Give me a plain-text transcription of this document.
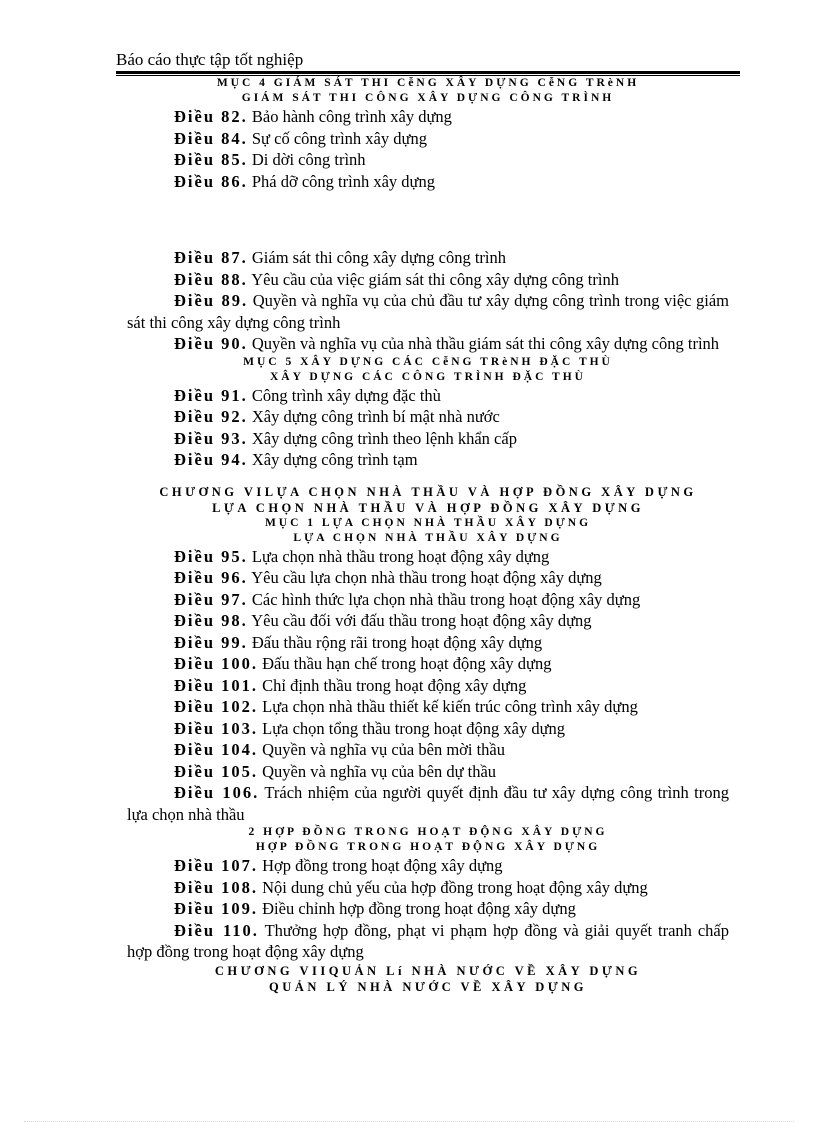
Báo cáo thực tập tốt nghiệp
MỤC 4 GIÁM SÁT THI CễNG XÂY DỰNG CễNG TRèNH
GIÁM SÁT THI CÔNG XÂY DỰNG CÔNG TRÌNH
Điều 82. Bảo hành công trình xây dựng
Điều 84. Sự cố công trình xây dựng
Điều 85. Di dời công trình
Điều 86. Phá dỡ công trình xây dựng
Điều 87. Giám sát thi công xây dựng công trình
Điều 88. Yêu cầu của việc giám sát thi công xây dựng công trình
Điều 89. Quyền và nghĩa vụ của chủ đầu tư xây dựng công trình trong việc giám sát thi công xây dựng công trình
Điều 90. Quyền và nghĩa vụ của nhà thầu giám sát thi công xây dựng công trình
MỤC 5 XÂY DỰNG CÁC CễNG TRèNH ĐẶC THÙ
XÂY DỰNG CÁC CÔNG TRÌNH ĐẶC THÙ
Điều 91. Công trình xây dựng đặc thù
Điều 92. Xây dựng công trình bí mật nhà nước
Điều 93. Xây dựng công trình theo lệnh khẩn cấp
Điều 94. Xây dựng công trình tạm
CHƯƠNG VILỰA CHỌN NHÀ THẦU VÀ HỢP ĐỒNG XÂY DỰNG
LỰA CHỌN NHÀ THẦU VÀ HỢP ĐỒNG XÂY DỰNG
MỤC 1 LỰA CHỌN NHÀ THẦU XÂY DỰNG
LỰA CHỌN NHÀ THẦU XÂY DỰNG
Điều 95. Lựa chọn nhà thầu trong hoạt động xây dựng
Điều 96. Yêu cầu lựa chọn nhà thầu trong hoạt động xây dựng
Điều 97. Các hình thức lựa chọn nhà thầu trong hoạt động xây dựng
Điều 98. Yêu cầu đối với đấu thầu trong hoạt động xây dựng
Điều 99. Đấu thầu rộng rãi trong hoạt động xây dựng
Điều 100. Đấu thầu hạn chế trong hoạt động xây dựng
Điều 101. Chỉ định thầu trong hoạt động xây dựng
Điều 102. Lựa chọn nhà thầu thiết kế kiến trúc công trình xây dựng
Điều 103. Lựa chọn tổng thầu trong hoạt động xây dựng
Điều 104. Quyền và nghĩa vụ của bên mời thầu
Điều 105. Quyền và nghĩa vụ của bên dự thầu
Điều 106. Trách nhiệm của người quyết định đầu tư xây dựng công trình trong lựa chọn nhà thầu
2 HỢP ĐỒNG TRONG HOẠT ĐỘNG XÂY DỰNG
HỢP ĐỒNG TRONG HOẠT ĐỘNG XÂY DỰNG
Điều 107. Hợp đồng trong hoạt động xây dựng
Điều 108. Nội dung chủ yếu của hợp đồng trong hoạt động xây dựng
Điều 109. Điều chỉnh hợp đồng trong hoạt động xây dựng
Điều 110. Thưởng hợp đồng, phạt vi phạm hợp đồng và giải quyết tranh chấp hợp đồng trong hoạt động xây dựng
CHƯƠNG VIIQUẢN Lí NHÀ NƯỚC VỀ XÂY DỰNG
QUẢN LÝ NHÀ NƯỚC VỀ XÂY DỰNG
